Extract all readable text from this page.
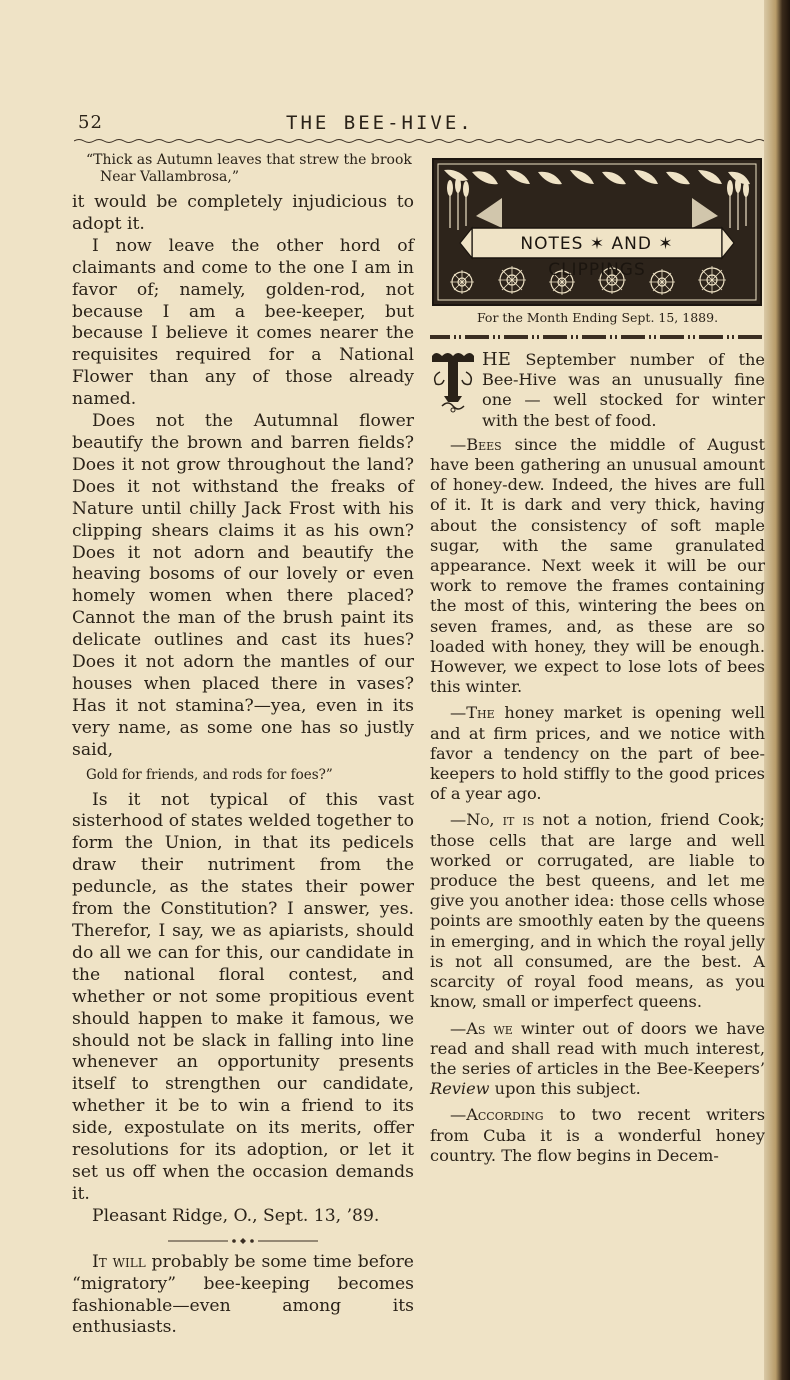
52	THE BEE-HIVE.
“Thick as Autumn leaves that strew the brook
Near Vallambrosa,”

it would be completely injudicious to adopt it.

I now leave the other hord of claimants and come to the one I am in favor of; namely, golden-rod, not because I am a bee-keeper, but because I believe it comes nearer the requisites required for a National Flower than any of those already named.

Does not the Autumnal flower beautify the brown and barren fields? Does it not grow throughout the land? Does it not withstand the freaks of Nature until chilly Jack Frost with his clipping shears claims it as his own? Does it not adorn and beautify the heaving bosoms of our lovely or even homely women when there placed? Cannot the man of the brush paint its delicate outlines and cast its hues? Does it not adorn the mantles of our houses when placed there in vases? Has it not stamina?—yea, even in its very name, as some one has so justly said,

Gold for friends, and rods for foes?”

Is it not typical of this vast sisterhood of states welded together to form the Union, in that its pedicels draw their nutriment from the peduncle, as the states their power from the Constitution? I answer, yes. Therefor, I say, we as apiarists, should do all we can for this, our candidate in the national floral contest, and whether or not some propitious event should happen to make it famous, we should not be slack in falling into line whenever an opportunity presents itself to strengthen our candidate, whether it be to win a friend to its side, expostulate on its merits, offer resolutions for its adoption, or let it set us off when the occasion demands it.

Pleasant Ridge, O., Sept. 13, ’89.

It will probably be some time before “migratory” bee-keeping becomes fashionable—even among its enthusiasts.

NOTES ✶ AND ✶ CLIPPINGS
For the Month Ending Sept. 15, 1889.

HE September number of the Bee-Hive was an unusually fine one — well stocked for winter with the best of food.

—Bees since the middle of August have been gathering an unusual amount of honey-dew. Indeed, the hives are full of it. It is dark and very thick, having about the consistency of soft maple sugar, with the same granulated appearance. Next week it will be our work to remove the frames containing the most of this, wintering the bees on seven frames, and, as these are so loaded with honey, they will be enough. However, we expect to lose lots of bees this winter.

—The honey market is opening well and at firm prices, and we notice with favor a tendency on the part of bee-keepers to hold stiffly to the good prices of a year ago.

—No, it is not a notion, friend Cook; those cells that are large and well worked or corrugated, are liable to produce the best queens, and let me give you another idea: those cells whose points are smoothly eaten by the queens in emerging, and in which the royal jelly is not all consumed, are the best. A scarcity of royal food means, as you know, small or imperfect queens.

—As we winter out of doors we have read and shall read with much interest, the series of articles in the Bee-Keepers’ Review upon this subject.

—According to two recent writers from Cuba it is a wonderful honey country. The flow begins in Decem-
